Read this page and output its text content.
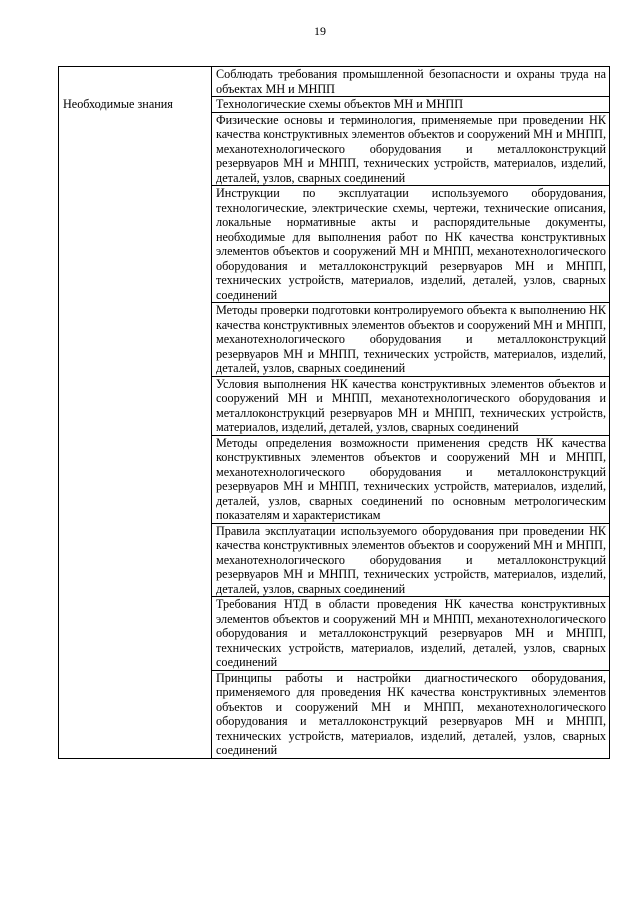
19
	Соблюдать требования промышленной безопасности и охраны труда на объектах МН и МНПП
Необходимые знания	Технологические схемы объектов МН и МНПП
	Физические основы и терминология, применяемые при проведении НК качества конструктивных элементов объектов и сооружений МН и МНПП, механотехнологического оборудования и металлоконструкций резервуаров МН и МНПП, технических устройств, материалов, изделий, деталей, узлов, сварных соединений
	Инструкции по эксплуатации используемого оборудования, технологические, электрические схемы, чертежи, технические описания, локальные нормативные акты и распорядительные документы, необходимые для выполнения работ по НК качества конструктивных элементов объектов и сооружений МН и МНПП, механотехнологического оборудования и металлоконструкций резервуаров МН и МНПП, технических устройств, материалов, изделий, деталей, узлов, сварных соединений
	Методы проверки подготовки контролируемого объекта к выполнению НК качества конструктивных элементов объектов и сооружений МН и МНПП, механотехнологического оборудования и металлоконструкций резервуаров МН и МНПП, технических устройств, материалов, изделий, деталей, узлов, сварных соединений
	Условия выполнения НК качества конструктивных элементов объектов и сооружений МН и МНПП, механотехнологического оборудования и металлоконструкций резервуаров МН и МНПП, технических устройств, материалов, изделий, деталей, узлов, сварных соединений
	Методы определения возможности применения средств НК качества конструктивных элементов объектов и сооружений МН и МНПП, механотехнологического оборудования и металлоконструкций резервуаров МН и МНПП, технических устройств, материалов, изделий, деталей, узлов, сварных соединений по основным метрологическим показателям и характеристикам
	Правила эксплуатации используемого оборудования при проведении НК качества конструктивных элементов объектов и сооружений МН и МНПП, механотехнологического оборудования и металлоконструкций резервуаров МН и МНПП, технических устройств, материалов, изделий, деталей, узлов, сварных соединений
	Требования НТД в области проведения НК качества конструктивных элементов объектов и сооружений МН и МНПП, механотехнологического оборудования и металлоконструкций резервуаров МН и МНПП, технических устройств, материалов, изделий, деталей, узлов, сварных соединений
	Принципы работы и настройки диагностического оборудования, применяемого для проведения НК качества конструктивных элементов объектов и сооружений МН и МНПП, механотехнологического оборудования и металлоконструкций резервуаров МН и МНПП, технических устройств, материалов, изделий, деталей, узлов, сварных соединений
